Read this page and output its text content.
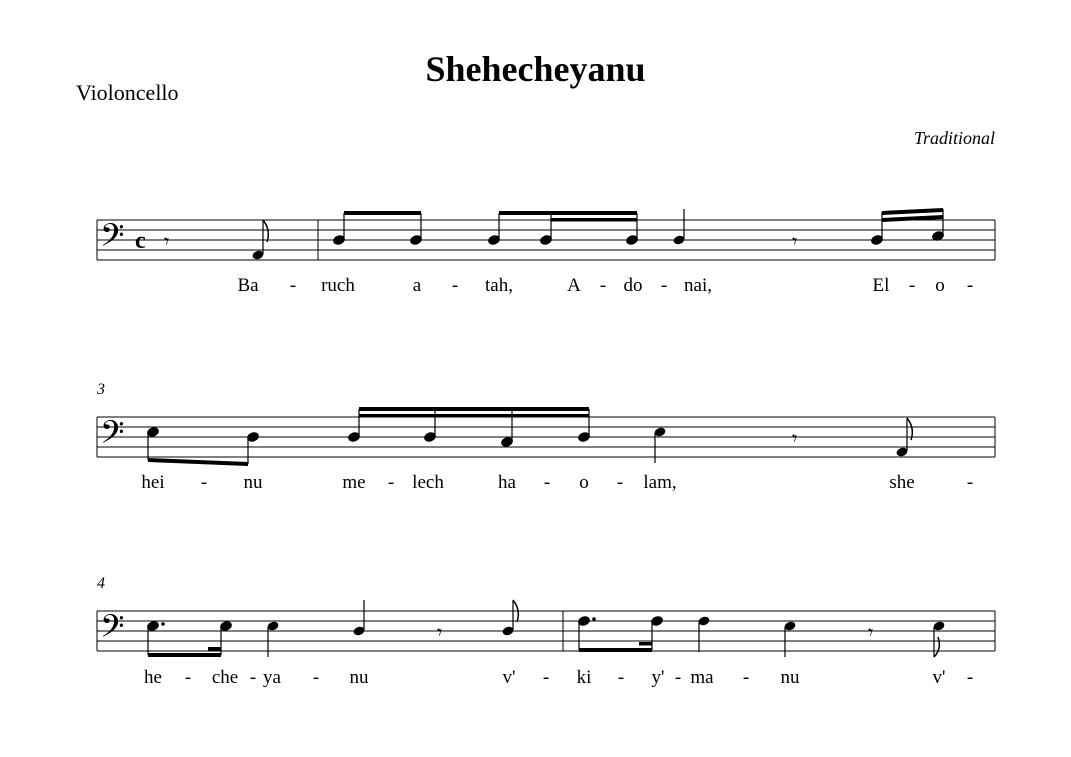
Shehecheyanu
Violoncello
Traditional
𝄢 c 𝄾	𝄾
Ba - ruch	a - tah,	A - do - nai,	El - o -
3
𝄢	𝄾
hei - nu	me - lech	ha - o - lam,	she	-
4
𝄢	𝄾	𝄾
he - che - ya - nu	v' - ki - y' - ma - nu	v' -
